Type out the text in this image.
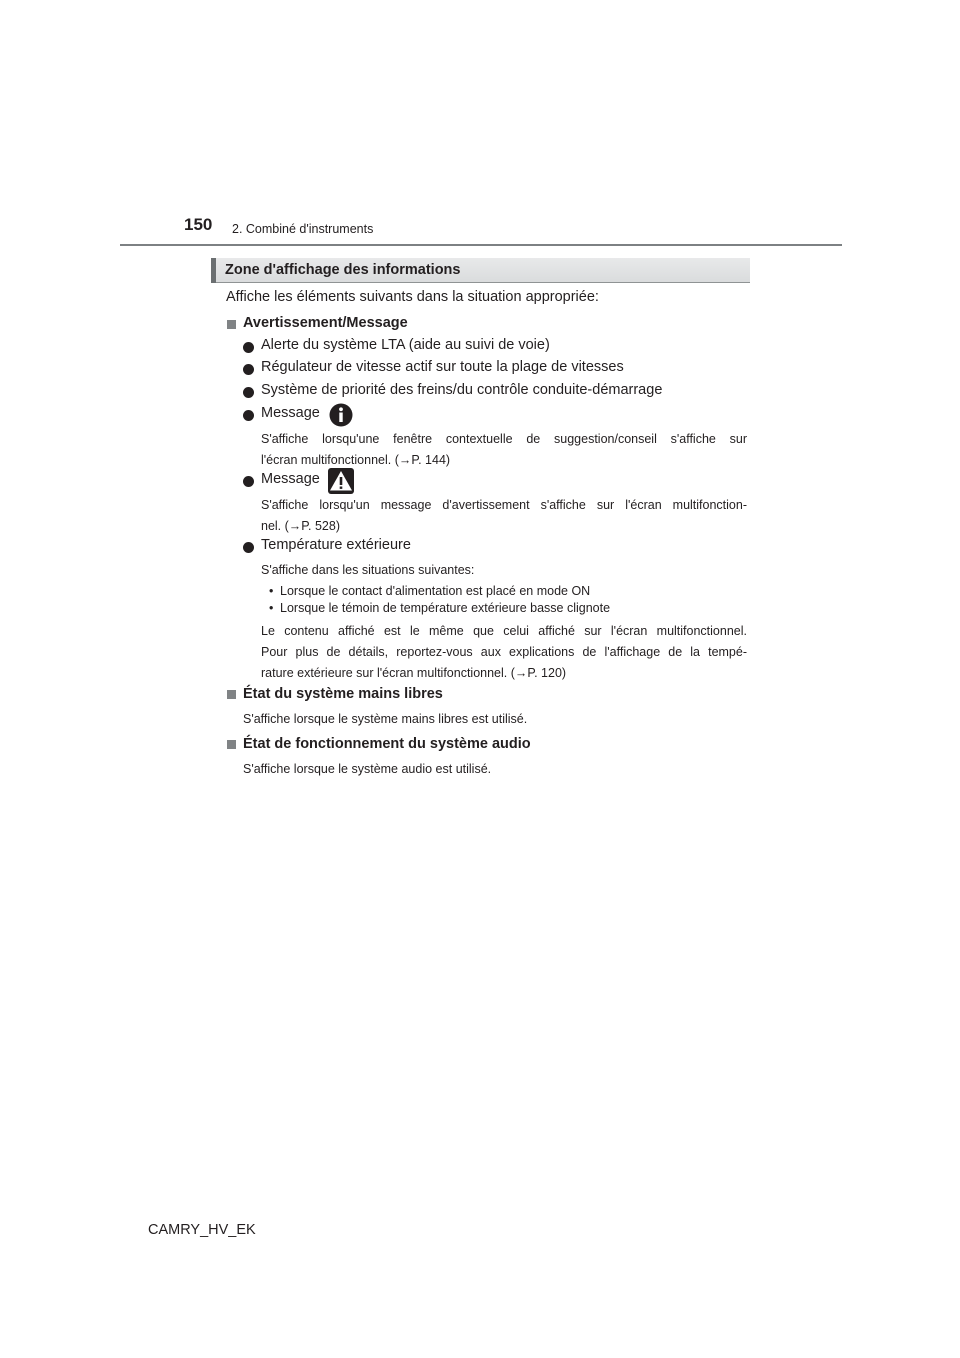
150 2. Combiné d'instruments
Zone d'affichage des informations
Affiche les éléments suivants dans la situation appropriée:
Avertissement/Message
Alerte du système LTA (aide au suivi de voie)
Régulateur de vitesse actif sur toute la plage de vitesses
Système de priorité des freins/du contrôle conduite-démarrage
Message
S'affiche lorsqu'une fenêtre contextuelle de suggestion/conseil s'affiche sur
l'écran multifonctionnel. (→P. 144)
Message
S'affiche lorsqu'un message d'avertissement s'affiche sur l'écran multifonction-
nel. (→P. 528)
Température extérieure
S'affiche dans les situations suivantes:
• Lorsque le contact d'alimentation est placé en mode ON
• Lorsque le témoin de température extérieure basse clignote
Le contenu affiché est le même que celui affiché sur l'écran multifonctionnel.
Pour plus de détails, reportez-vous aux explications de l'affichage de la tempé-
rature extérieure sur l'écran multifonctionnel. (→P. 120)
État du système mains libres
S'affiche lorsque le système mains libres est utilisé.
État de fonctionnement du système audio
S'affiche lorsque le système audio est utilisé.
CAMRY_HV_EK
